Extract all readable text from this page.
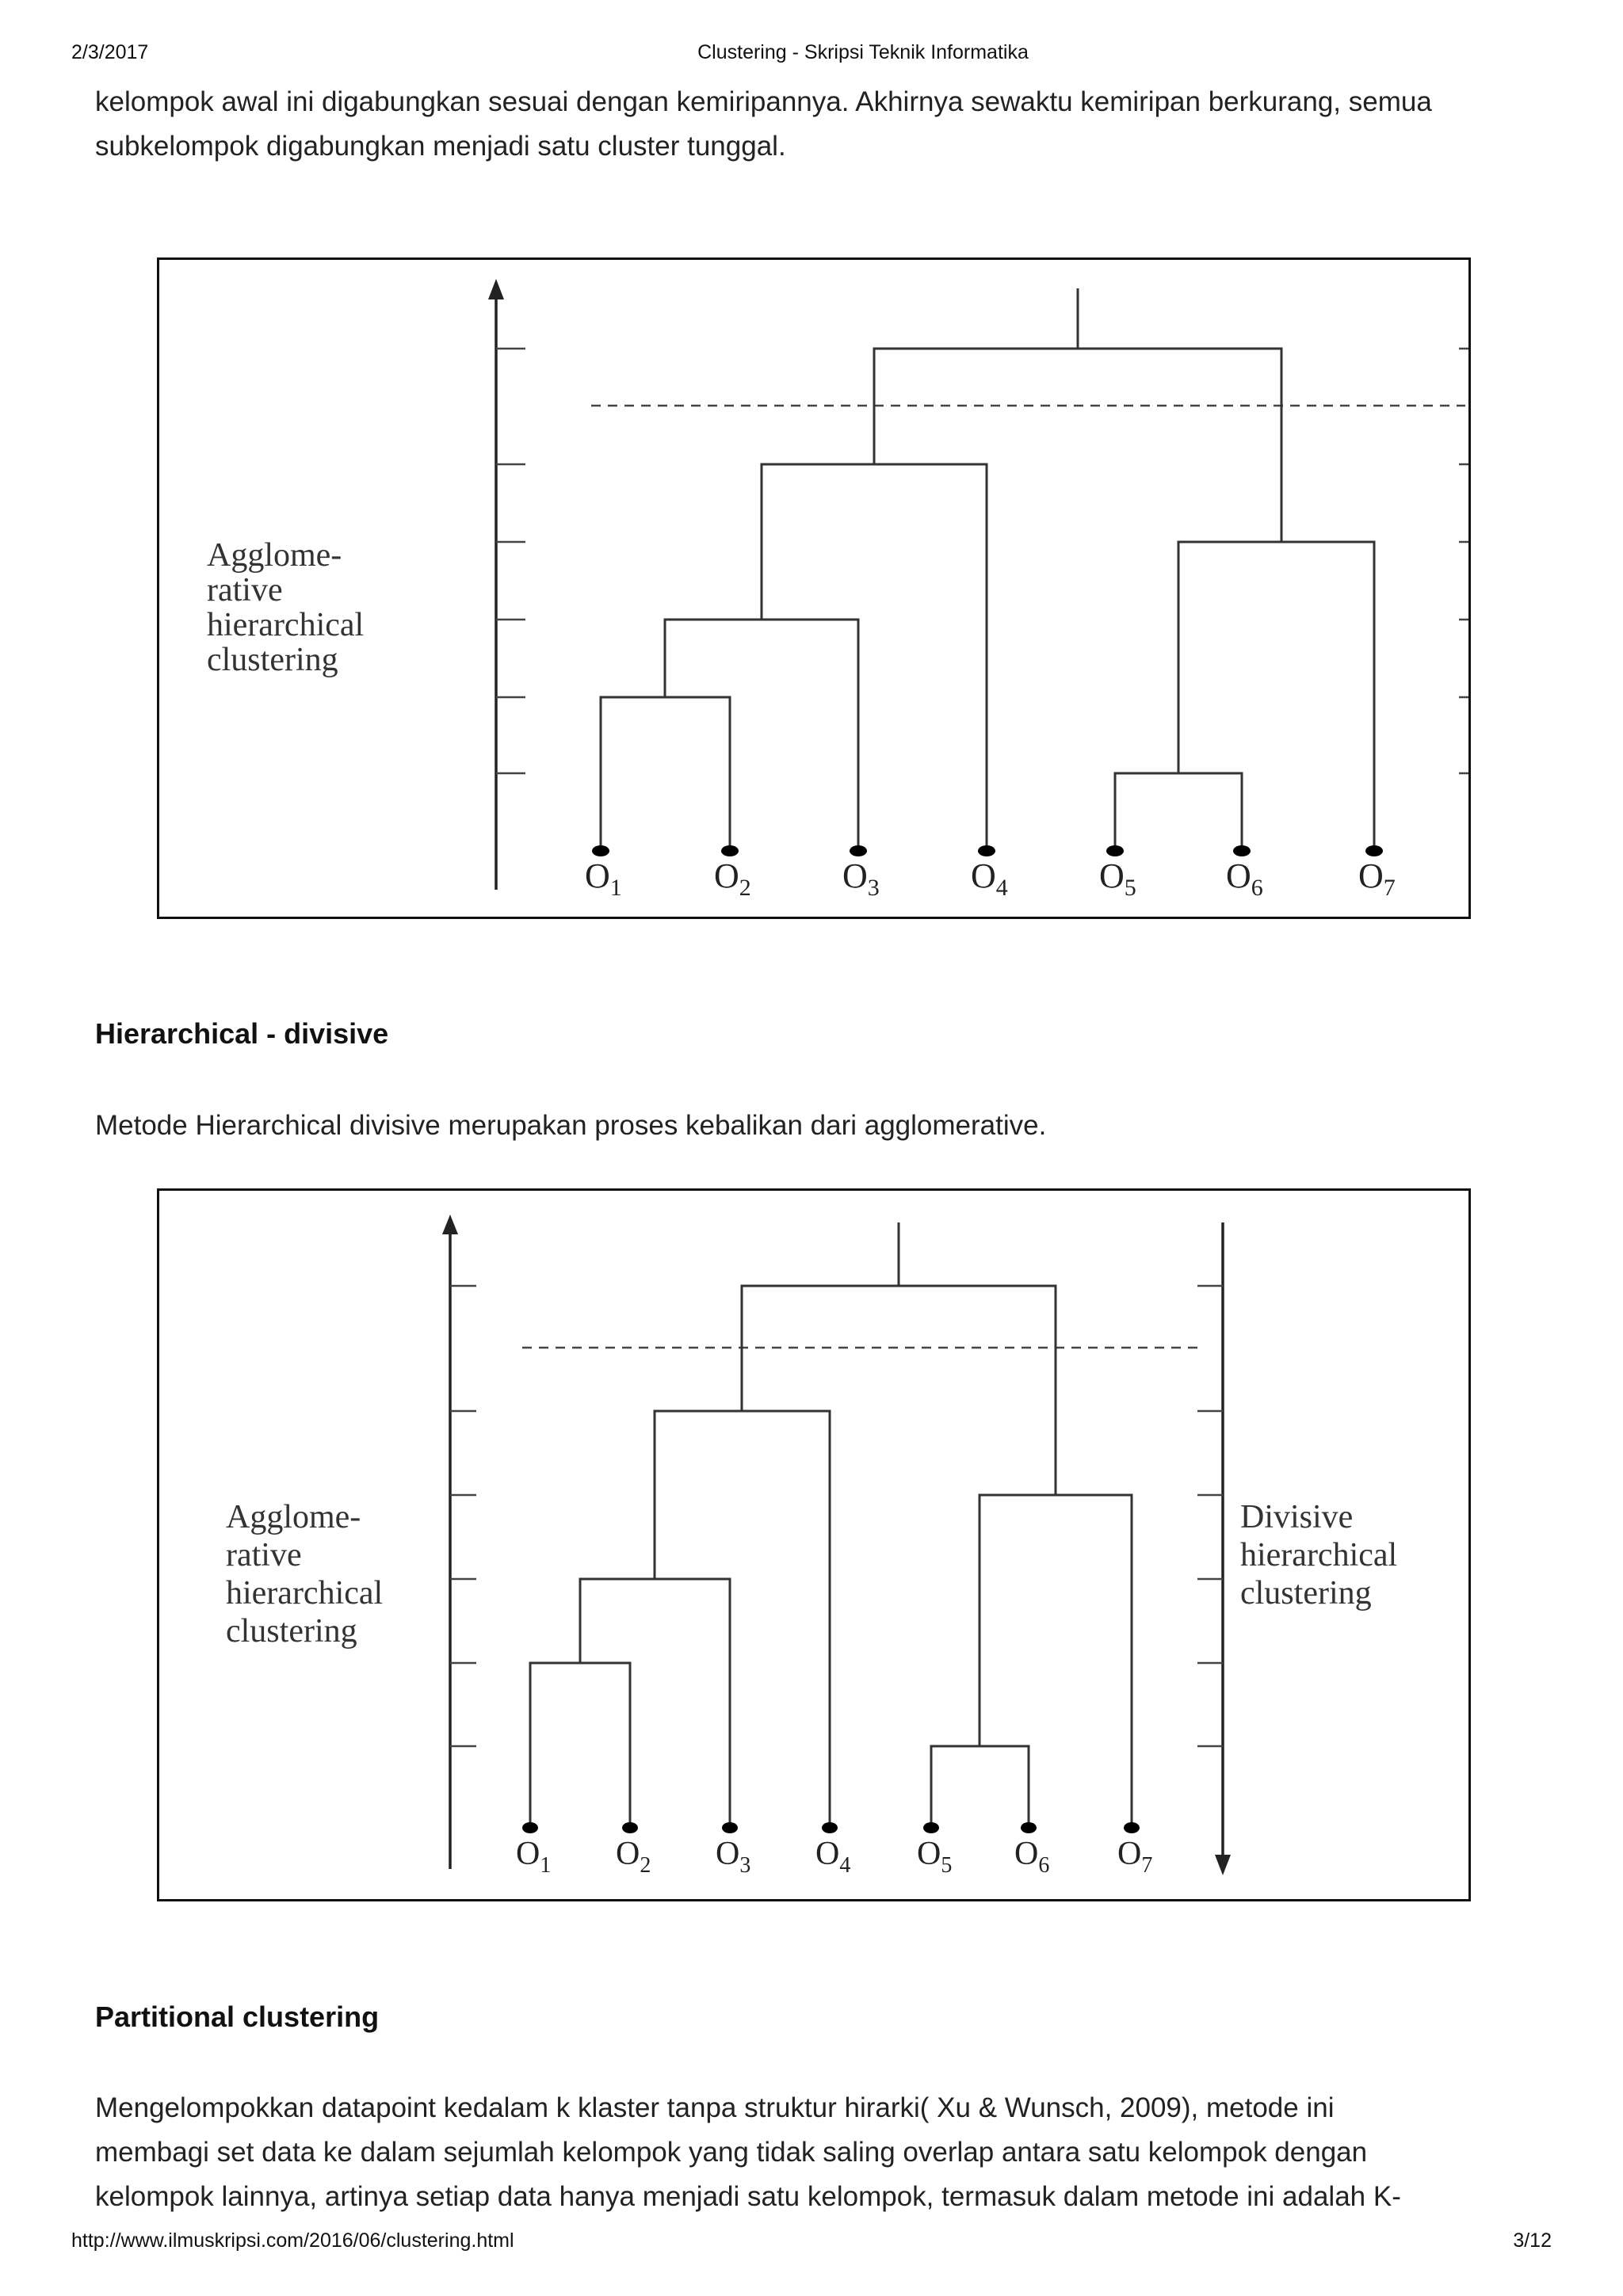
2/3/2017	Clustering - Skripsi Teknik Informatika
kelompok awal ini digabungkan sesuai dengan kemiripannya. Akhirnya sewaktu kemiripan berkurang, semua
subkelompok digabungkan menjadi satu cluster tunggal.
$O_1$	$O_2$	$O_3$	$O_4$	$O_5$	$O_6$	$O_7$
Agglome-
rative
hierarchical
clustering
Hierarchical - divisive
Metode Hierarchical divisive merupakan proses kebalikan dari agglomerative.
$O_1$ $O_2$ $O_3$ $O_4$ $O_5$ $O_6$ $O_7$
Agglome-
rative
hierarchical
clustering
Divisive
hierarchical
clustering
Partitional clustering
Mengelompokkan datapoint kedalam k klaster tanpa struktur hirarki( Xu & Wunsch, 2009), metode ini
membagi set data ke dalam sejumlah kelompok yang tidak saling overlap antara satu kelompok dengan
kelompok lainnya, artinya setiap data hanya menjadi satu kelompok, termasuk dalam metode ini adalah K-
http://www.ilmuskripsi.com/2016/06/clustering.html	3/12
